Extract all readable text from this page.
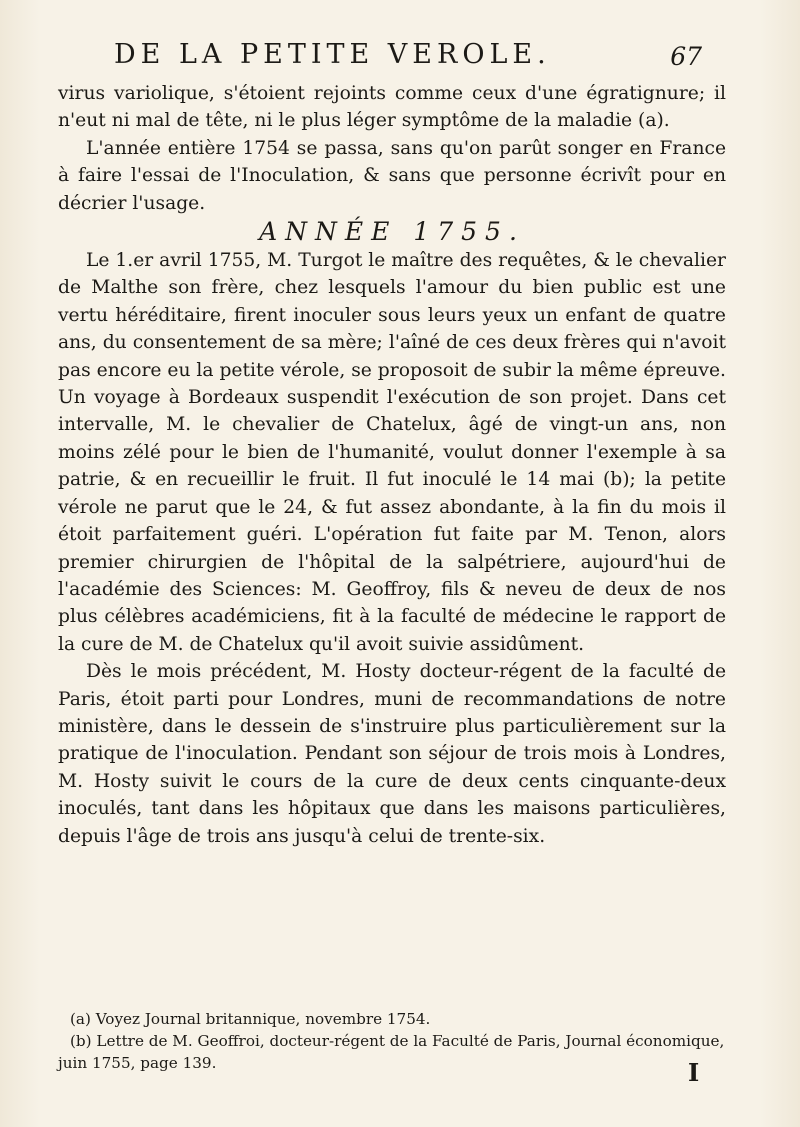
DE LA PETITE VEROLE.	67

virus variolique, s'étoient rejoints comme ceux d'une égratignure; il n'eut ni mal de tête, ni le plus léger symptôme de la maladie (a).

L'année entière 1754 se passa, sans qu'on parût songer en France à faire l'essai de l'Inoculation, & sans que personne écrivît pour en décrier l'usage.

ANNÉE 1755.

Le 1.er avril 1755, M. Turgot le maître des requêtes, & le chevalier de Malthe son frère, chez lesquels l'amour du bien public est une vertu héréditaire, firent inoculer sous leurs yeux un enfant de quatre ans, du consentement de sa mère; l'aîné de ces deux frères qui n'avoit pas encore eu la petite vérole, se proposoit de subir la même épreuve. Un voyage à Bordeaux suspendit l'exécution de son projet. Dans cet intervalle, M. le chevalier de Chatelux, âgé de vingt-un ans, non moins zélé pour le bien de l'humanité, voulut donner l'exemple à sa patrie, & en recueillir le fruit. Il fut inoculé le 14 mai (b); la petite vérole ne parut que le 24, & fut assez abondante, à la fin du mois il étoit parfaitement guéri. L'opération fut faite par M. Tenon, alors premier chirurgien de l'hôpital de la salpétriere, aujourd'hui de l'académie des Sciences: M. Geoffroy, fils & neveu de deux de nos plus célèbres académiciens, fit à la faculté de médecine le rapport de la cure de M. de Chatelux qu'il avoit suivie assidûment.

Dès le mois précédent, M. Hosty docteur-régent de la faculté de Paris, étoit parti pour Londres, muni de recommandations de notre ministère, dans le dessein de s'instruire plus particulièrement sur la pratique de l'inoculation. Pendant son séjour de trois mois à Londres, M. Hosty suivit le cours de la cure de deux cents cinquante-deux inoculés, tant dans les hôpitaux que dans les maisons particulières, depuis l'âge de trois ans jusqu'à celui de trente-six.

(a) Voyez Journal britannique, novembre 1754.

(b) Lettre de M. Geoffroi, docteur-régent de la Faculté de Paris, Journal économique, juin 1755, page 139.	I
